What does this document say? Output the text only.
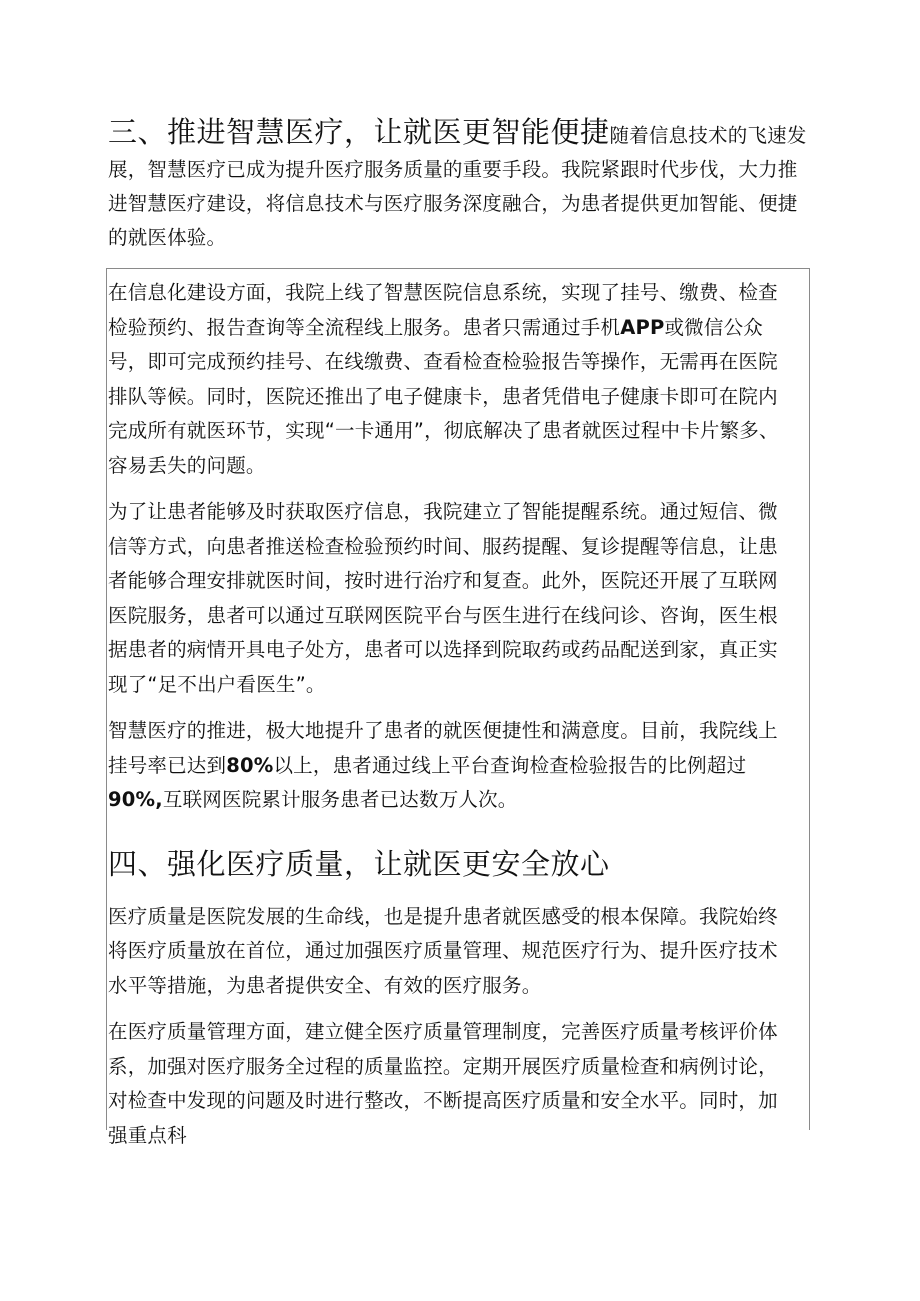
三、推进智慧医疗，让就医更智能便捷随着信息技术的飞速发展，智慧医疗已成为提升医疗服务质量的重要手段。我院紧跟时代步伐，大力推进智慧医疗建设，将信息技术与医疗服务深度融合，为患者提供更加智能、便捷的就医体验。

在信息化建设方面，我院上线了智慧医院信息系统，实现了挂号、缴费、检查检验预约、报告查询等全流程线上服务。患者只需通过手机APP或微信公众号，即可完成预约挂号、在线缴费、查看检查检验报告等操作，无需再在医院排队等候。同时，医院还推出了电子健康卡，患者凭借电子健康卡即可在院内完成所有就医环节，实现“一卡通用”，彻底解决了患者就医过程中卡片繁多、容易丢失的问题。

为了让患者能够及时获取医疗信息，我院建立了智能提醒系统。通过短信、微信等方式，向患者推送检查检验预约时间、服药提醒、复诊提醒等信息，让患者能够合理安排就医时间，按时进行治疗和复查。此外，医院还开展了互联网医院服务，患者可以通过互联网医院平台与医生进行在线问诊、咨询，医生根据患者的病情开具电子处方，患者可以选择到院取药或药品配送到家，真正实现了“足不出户看医生”。

智慧医疗的推进，极大地提升了患者的就医便捷性和满意度。目前，我院线上挂号率已达到80%以上，患者通过线上平台查询检查检验报告的比例超过90%,互联网医院累计服务患者已达数万人次。

四、强化医疗质量，让就医更安全放心

医疗质量是医院发展的生命线，也是提升患者就医感受的根本保障。我院始终将医疗质量放在首位，通过加强医疗质量管理、规范医疗行为、提升医疗技术水平等措施，为患者提供安全、有效的医疗服务。

在医疗质量管理方面，建立健全医疗质量管理制度，完善医疗质量考核评价体系，加强对医疗服务全过程的质量监控。定期开展医疗质量检查和病例讨论，对检查中发现的问题及时进行整改，不断提高医疗质量和安全水平。同时，加强重点科
